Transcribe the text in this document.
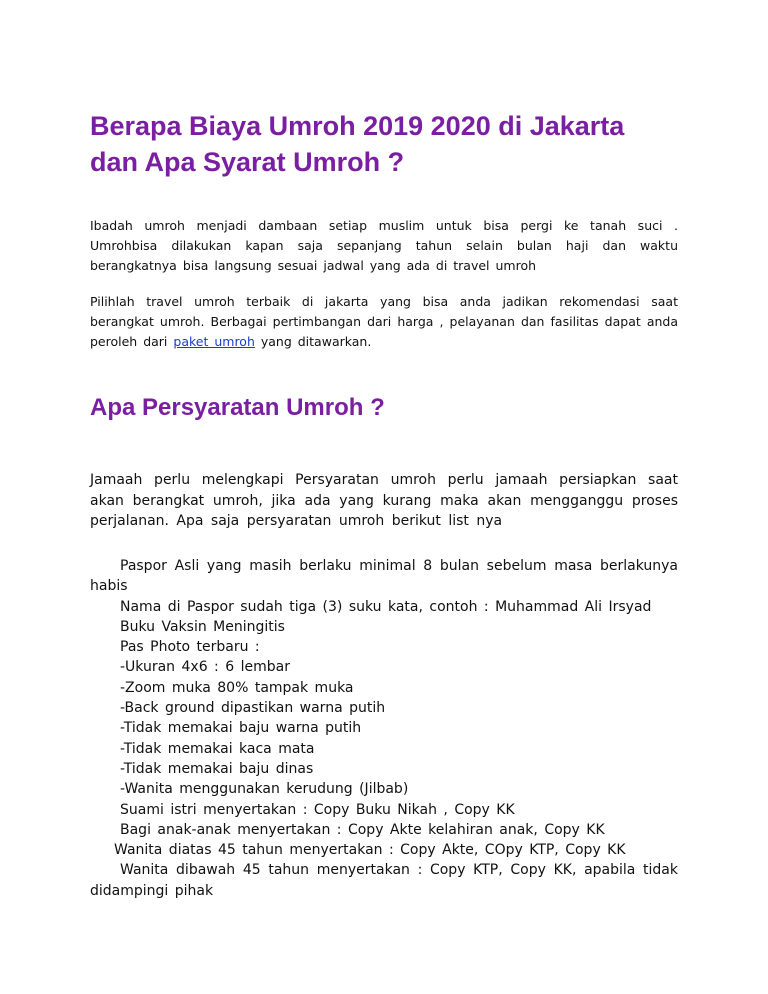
Berapa Biaya Umroh 2019 2020 di Jakarta dan Apa Syarat Umroh ?

Ibadah umroh menjadi dambaan setiap muslim untuk bisa pergi ke tanah suci . Umrohbisa dilakukan kapan saja sepanjang tahun selain bulan haji dan waktu berangkatnya bisa langsung sesuai jadwal yang ada di travel umroh

Pilihlah travel umroh terbaik di jakarta yang bisa anda jadikan rekomendasi saat berangkat umroh. Berbagai pertimbangan dari harga , pelayanan dan fasilitas dapat anda peroleh dari paket umroh yang ditawarkan.

Apa Persyaratan Umroh ?

Jamaah perlu melengkapi Persyaratan umroh perlu jamaah persiapkan saat akan berangkat umroh, jika ada yang kurang maka akan mengganggu proses perjalanan. Apa saja persyaratan umroh berikut list nya

Paspor Asli yang masih berlaku minimal 8 bulan sebelum masa berlakunya habis

Nama di Paspor sudah tiga (3) suku kata, contoh : Muhammad Ali Irsyad

Buku Vaksin Meningitis

Pas Photo terbaru :

-Ukuran 4x6 : 6 lembar

-Zoom muka 80% tampak muka

-Back ground dipastikan warna putih

-Tidak memakai baju warna putih

-Tidak memakai kaca mata

-Tidak memakai baju dinas

-Wanita menggunakan kerudung (Jilbab)

Suami istri menyertakan : Copy Buku Nikah , Copy KK

Bagi anak-anak menyertakan : Copy Akte kelahiran anak, Copy KK

Wanita diatas 45 tahun menyertakan : Copy Akte, COpy KTP, Copy KK

Wanita dibawah 45 tahun menyertakan : Copy KTP, Copy KK, apabila tidak didampingi pihak
